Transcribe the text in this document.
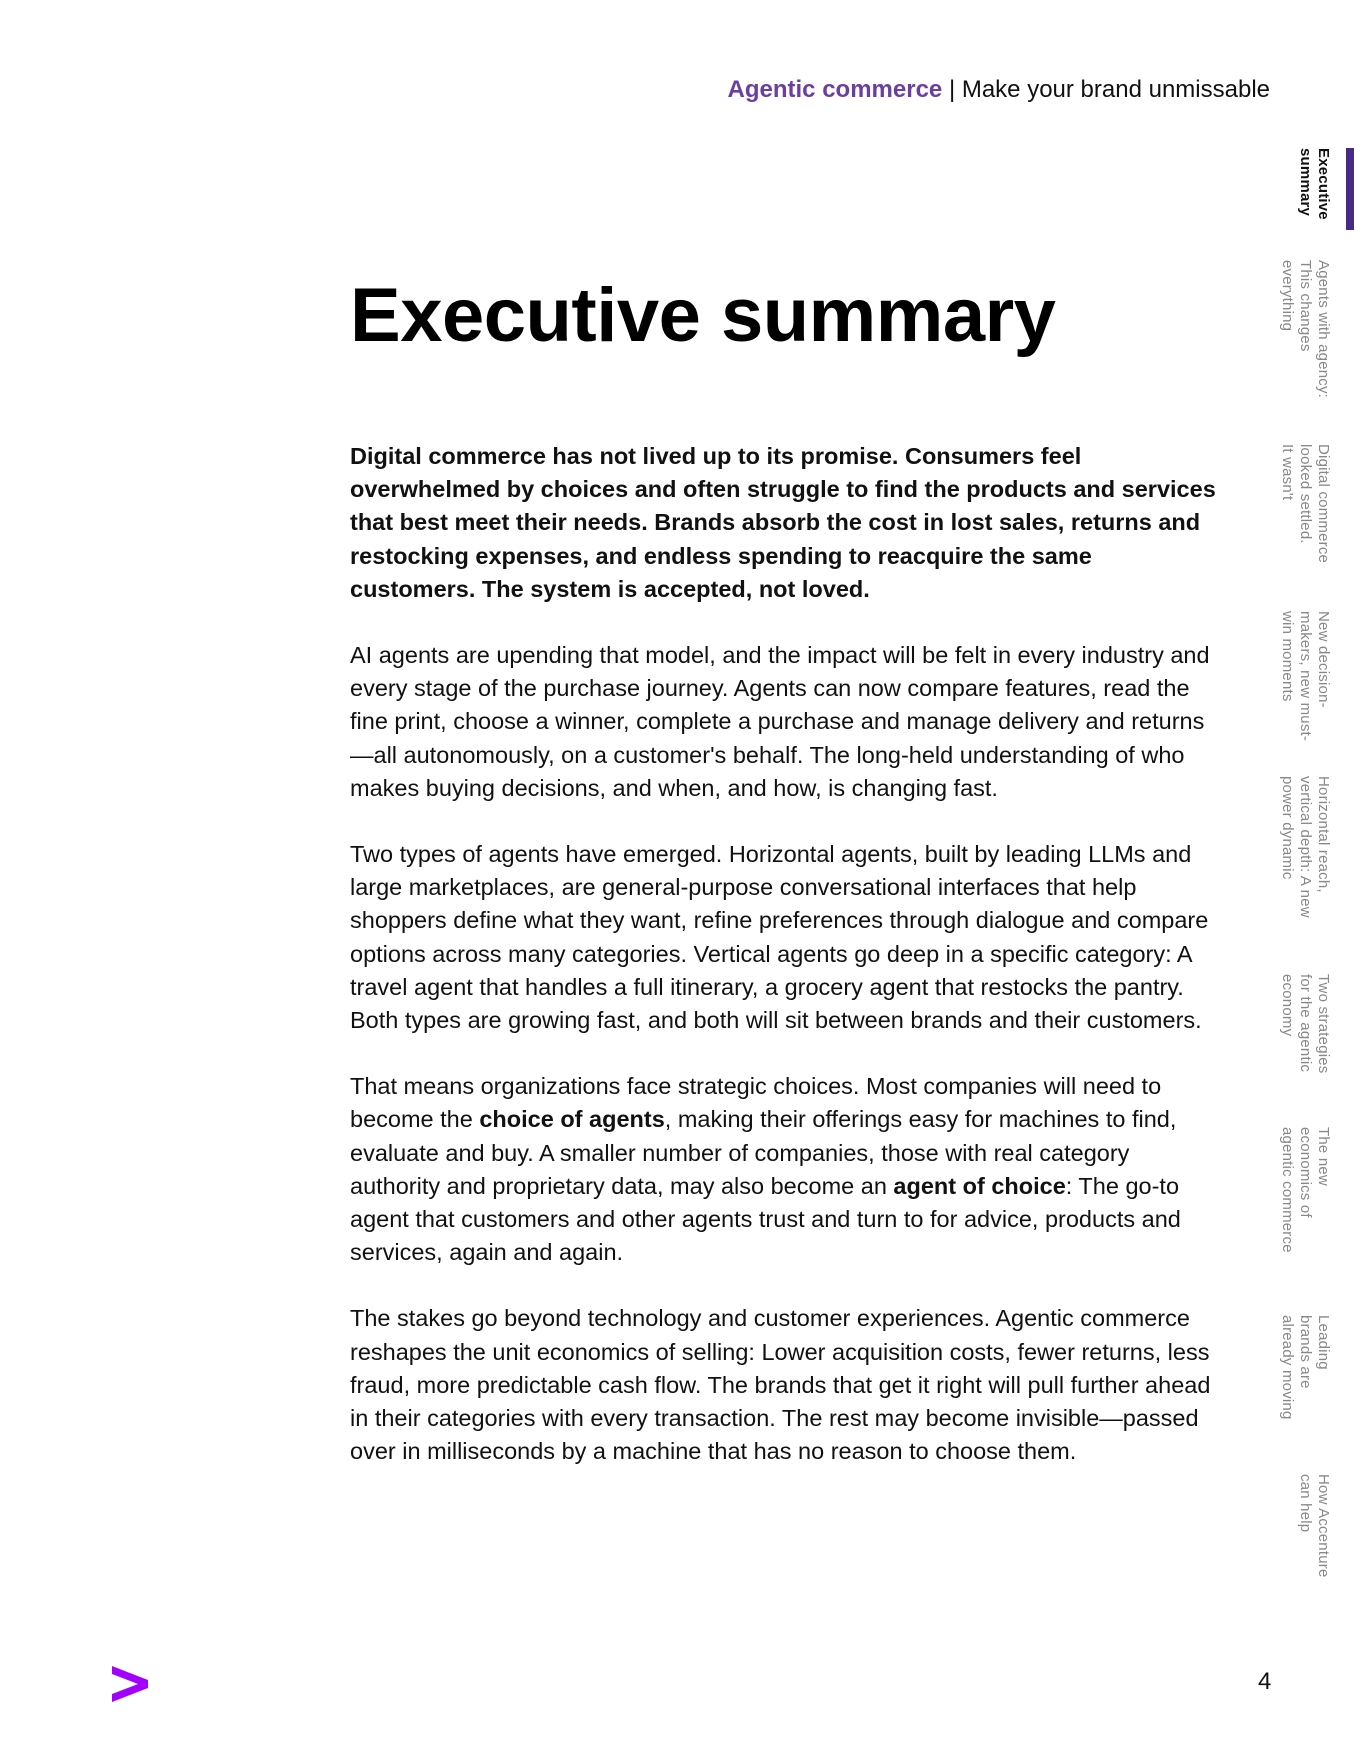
Agentic commerce | Make your brand unmissable
Executive summary

Digital commerce has not lived up to its promise. Consumers feel overwhelmed by choices and often struggle to find the products and services that best meet their needs. Brands absorb the cost in lost sales, returns and restocking expenses, and endless spending to reacquire the same customers. The system is accepted, not loved.

AI agents are upending that model, and the impact will be felt in every industry and every stage of the purchase journey. Agents can now compare features, read the fine print, choose a winner, complete a purchase and manage delivery and returns—all autonomously, on a customer's behalf. The long-held understanding of who makes buying decisions, and when, and how, is changing fast.

Two types of agents have emerged. Horizontal agents, built by leading LLMs and large marketplaces, are general-purpose conversational interfaces that help shoppers define what they want, refine preferences through dialogue and compare options across many categories. Vertical agents go deep in a specific category: A travel agent that handles a full itinerary, a grocery agent that restocks the pantry. Both types are growing fast, and both will sit between brands and their customers.

That means organizations face strategic choices. Most companies will need to become the choice of agents, making their offerings easy for machines to find, evaluate and buy. A smaller number of companies, those with real category authority and proprietary data, may also become an agent of choice: The go-to agent that customers and other agents trust and turn to for advice, products and services, again and again.

The stakes go beyond technology and customer experiences. Agentic commerce reshapes the unit economics of selling: Lower acquisition costs, fewer returns, less fraud, more predictable cash flow. The brands that get it right will pull further ahead in their categories with every transaction. The rest may become invisible—passed over in milliseconds by a machine that has no reason to choose them.

Executive
summary
Agents with agency:
This changes
everything
Digital commerce
looked settled.
It wasn't
New decision-
makers, new must-
win moments
Horizontal reach,
vertical depth: A new
power dynamic
Two strategies
for the agentic
economy
The new
economics of
agentic commerce
Leading
brands are
already moving
How Accenture
can help
4
